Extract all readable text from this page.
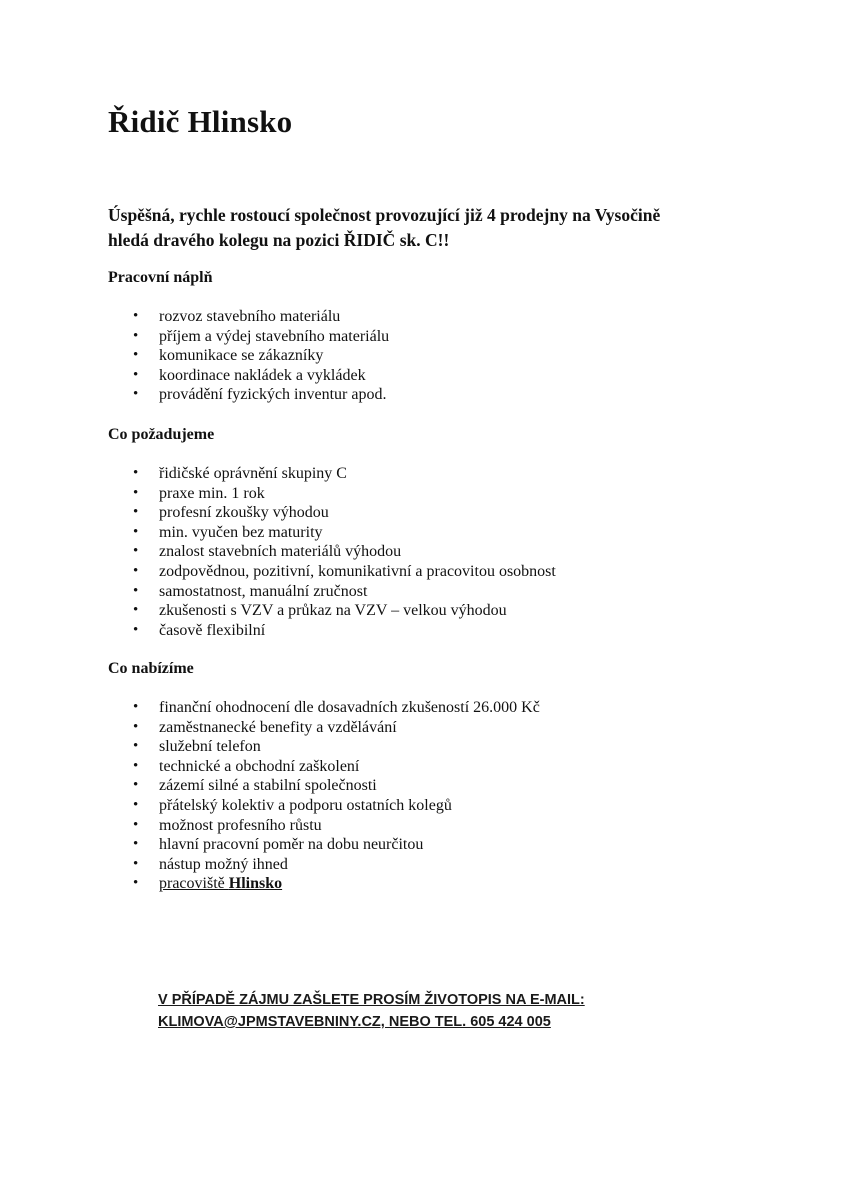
Řidič Hlinsko

Úspěšná, rychle rostoucí společnost provozující již 4 prodejny na Vysočině
hledá dravého kolegu na pozici ŘIDIČ sk. C!!

Pracovní náplň
• rozvoz stavebního materiálu
• příjem a výdej stavebního materiálu
• komunikace se zákazníky
• koordinace nakládek a vykládek
• provádění fyzických inventur apod.
Co požadujeme
• řidičské oprávnění skupiny C
• praxe min. 1 rok
• profesní zkoušky výhodou
• min. vyučen bez maturity
• znalost stavebních materiálů výhodou
• zodpovědnou, pozitivní, komunikativní a pracovitou osobnost
• samostatnost, manuální zručnost
• zkušenosti s VZV a průkaz na VZV – velkou výhodou
• časově flexibilní
Co nabízíme
• finanční ohodnocení dle dosavadních zkušeností 26.000 Kč
• zaměstnanecké benefity a vzdělávání
• služební telefon
• technické a obchodní zaškolení
• zázemí silné a stabilní společnosti
• přátelský kolektiv a podporu ostatních kolegů
• možnost profesního růstu
• hlavní pracovní poměr na dobu neurčitou
• nástup možný ihned
• pracoviště Hlinsko

V PŘÍPADĚ ZÁJMU ZAŠLETE PROSÍM ŽIVOTOPIS NA E-MAIL:
KLIMOVA@JPMSTAVEBNINY.CZ, NEBO TEL. 605 424 005
